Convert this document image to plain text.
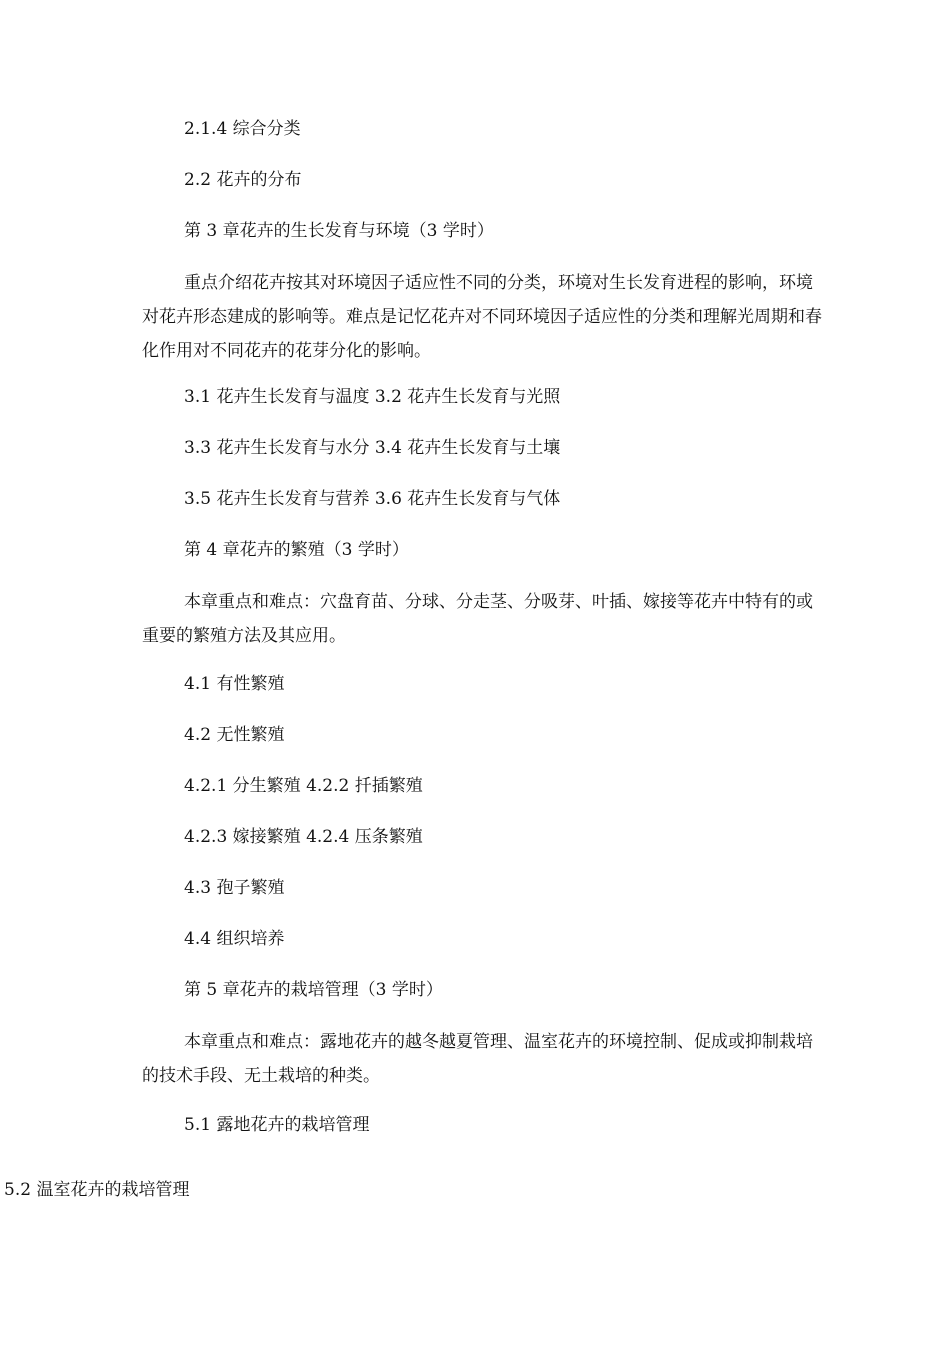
2.1.4 综合分类

2.2 花卉的分布

第 3 章花卉的生长发育与环境（3 学时）

重点介绍花卉按其对环境因子适应性不同的分类，环境对生长发育进程的影响，环境对花卉形态建成的影响等。难点是记忆花卉对不同环境因子适应性的分类和理解光周期和春化作用对不同花卉的花芽分化的影响。

3.1 花卉生长发育与温度 3.2 花卉生长发育与光照

3.3 花卉生长发育与水分 3.4 花卉生长发育与土壤

3.5 花卉生长发育与营养 3.6 花卉生长发育与气体

第 4 章花卉的繁殖（3 学时）

本章重点和难点：穴盘育苗、分球、分走茎、分吸芽、叶插、嫁接等花卉中特有的或重要的繁殖方法及其应用。

4.1 有性繁殖

4.2 无性繁殖

4.2.1 分生繁殖 4.2.2 扦插繁殖

4.2.3 嫁接繁殖 4.2.4 压条繁殖

4.3 孢子繁殖

4.4 组织培养

第 5 章花卉的栽培管理（3 学时）

本章重点和难点：露地花卉的越冬越夏管理、温室花卉的环境控制、促成或抑制栽培的技术手段、无土栽培的种类。

5.1 露地花卉的栽培管理

5.2 温室花卉的栽培管理
